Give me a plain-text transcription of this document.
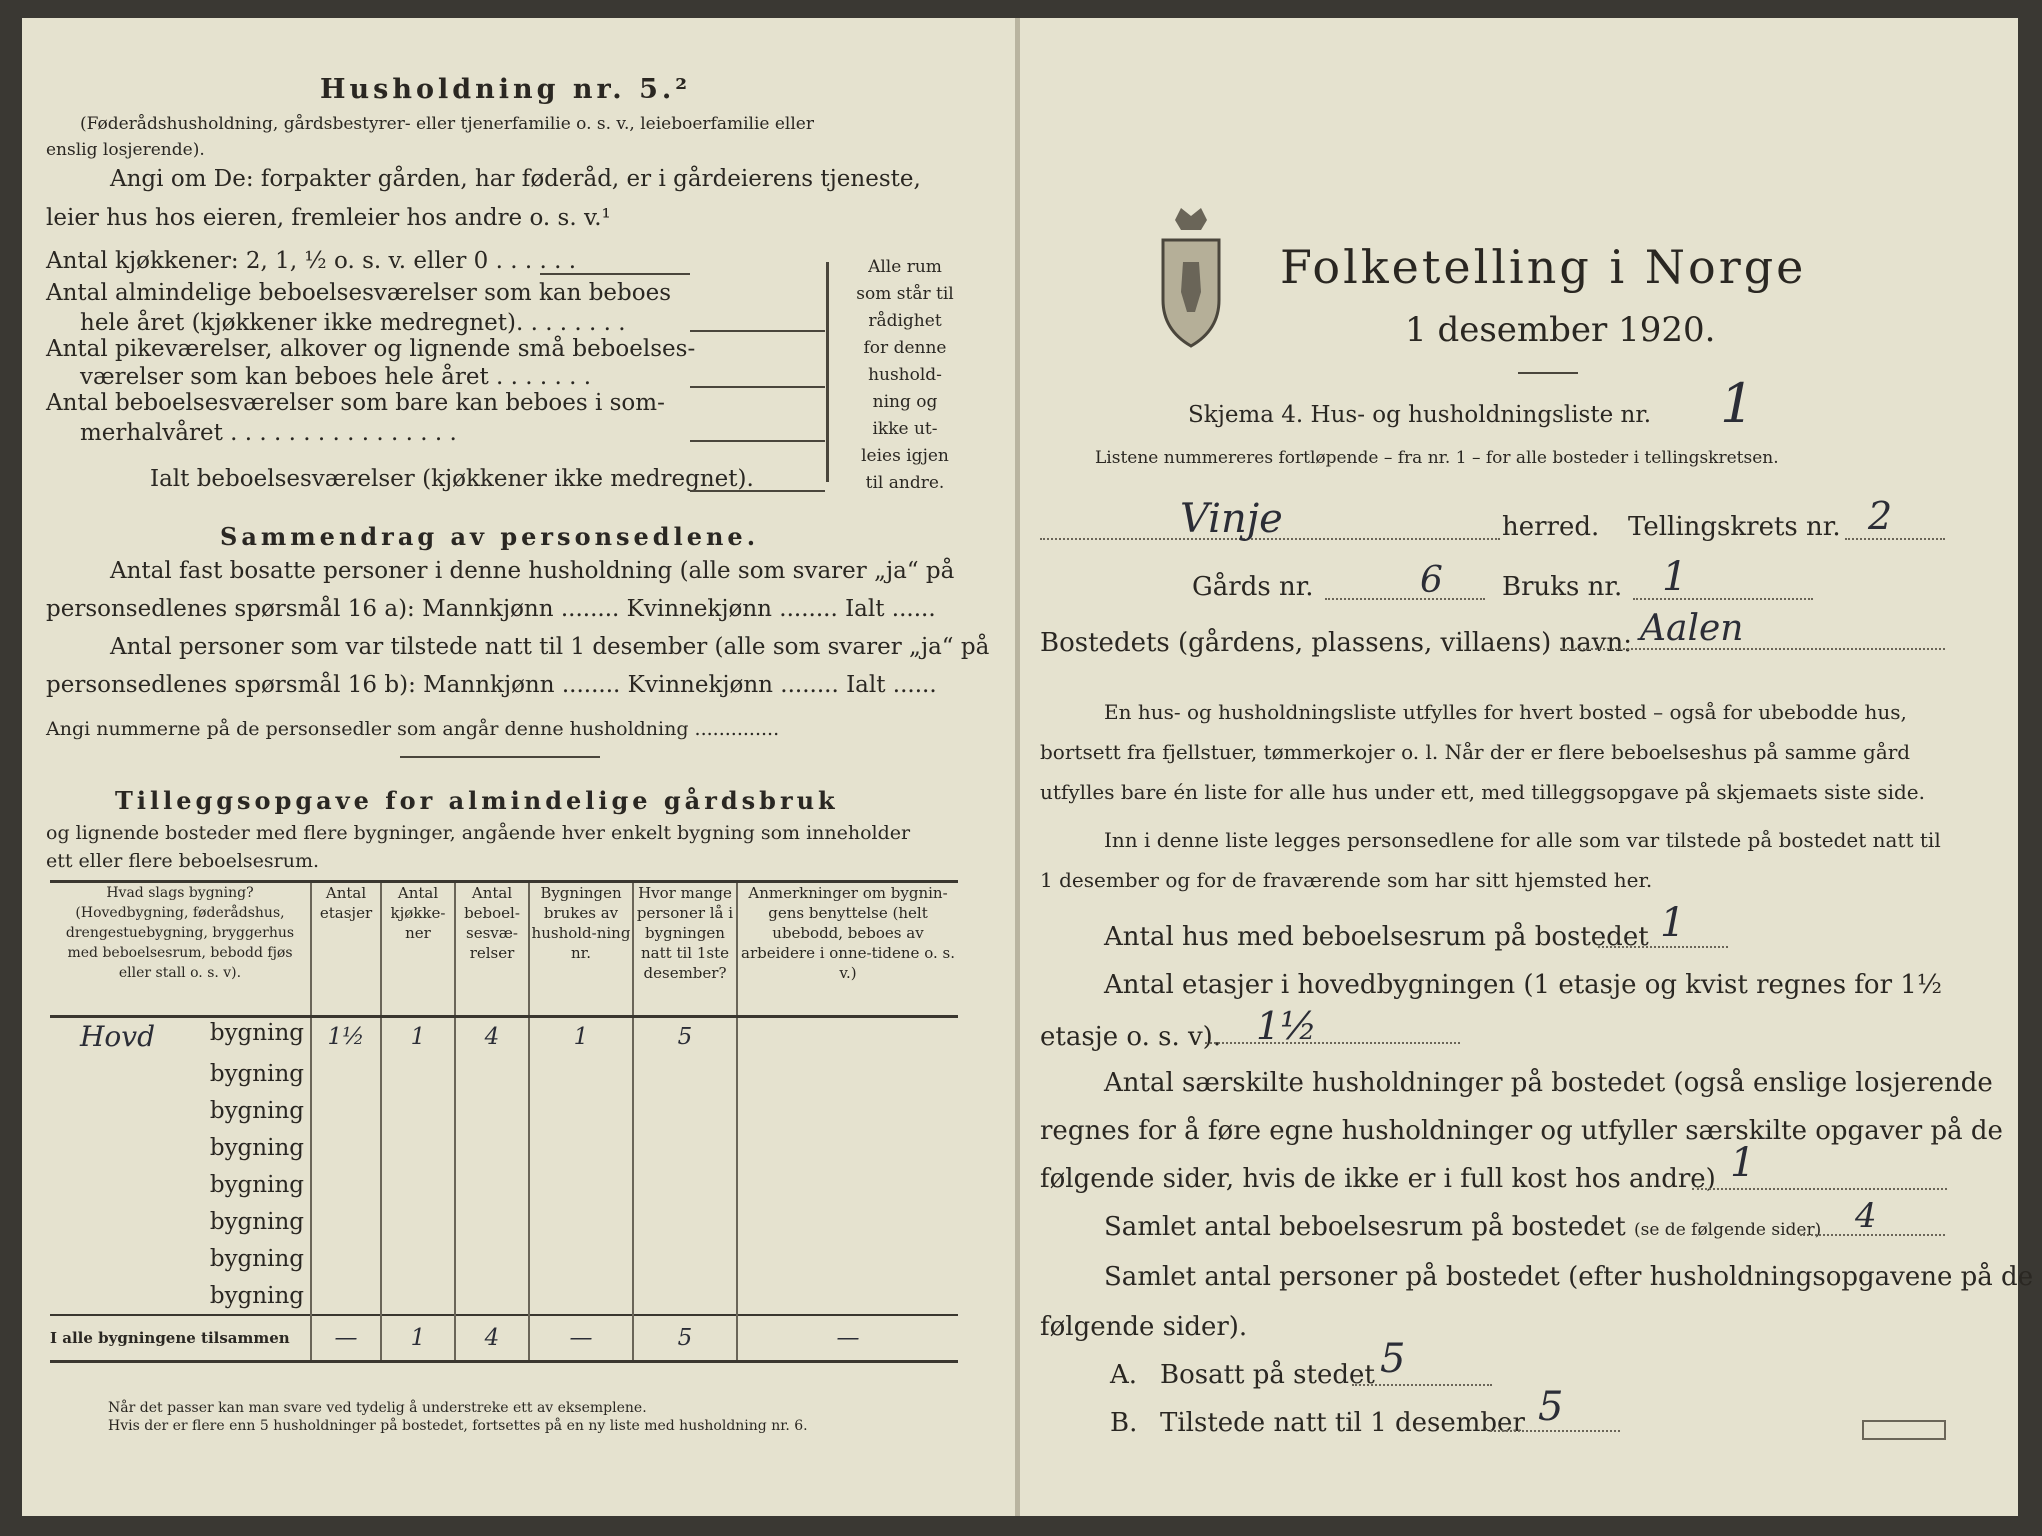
Husholdning nr. 5.²
(Føderådshusholdning, gårdsbestyrer- eller tjenerfamilie o. s. v., leieboerfamilie eller
enslig losjerende).
Angi om De: forpakter gården, har føderåd, er i gårdeierens tjeneste,
leier hus hos eieren, fremleier hos andre o. s. v.¹
Antal kjøkkener: 2, 1, ½ o. s. v. eller 0 . . . . . .
Antal almindelige beboelsesværelser som kan beboes
hele året (kjøkkener ikke medregnet). . . . . . . .
Antal pikeværelser, alkover og lignende små beboelses-
værelser som kan beboes hele året . . . . . . .
Antal beboelsesværelser som bare kan beboes i som-
merhalvåret . . . . . . . . . . . . . . . .
Ialt beboelsesværelser (kjøkkener ikke medregnet).
Alle rum
som står til
rådighet
for denne
hushold-
ning og
ikke ut-
leies igjen
til andre.
Sammendrag av personsedlene.
Antal fast bosatte personer i denne husholdning (alle som svarer „ja“ på
personsedlenes spørsmål 16 a): Mannkjønn ........ Kvinnekjønn ........ Ialt ......
Antal personer som var tilstede natt til 1 desember (alle som svarer „ja“ på
personsedlenes spørsmål 16 b): Mannkjønn ........ Kvinnekjønn ........ Ialt ......
Angi nummerne på de personsedler som angår denne husholdning ..............
Tilleggsopgave for almindelige gårdsbruk
og lignende bosteder med flere bygninger, angående hver enkelt bygning som inneholder
ett eller flere beboelsesrum.
Hvad slags bygning? (Hovedbygning, føderådshus, drengestuebygning, bryggerhus med beboelsesrum, bebodd fjøs eller stall o. s. v).	Antal etasjer	Antal kjøkke-ner	Antal beboel-sesvæ-relser	Bygningen brukes av hushold-ning nr.	Hvor mange personer lå i bygningen natt til 1ste desember?	Anmerkninger om bygnin-gens benyttelse (helt ubebodd, beboes av arbeidere i onne-tidene o. s. v.)

Hovd bygning	1½	1	4	1	5	
bygning						
bygning						
bygning						
bygning						
bygning						
bygning						
bygning						
I alle bygningene tilsammen	—	1	4	—	5	—
Når det passer kan man svare ved tydelig å understreke ett av eksemplene.
Hvis der er flere enn 5 husholdninger på bostedet, fortsettes på en ny liste med husholdning nr. 6.
Folketelling i Norge
1 desember 1920.
Skjema 4. Hus- og husholdningsliste nr. 1
Listene nummereres fortløpende – fra nr. 1 – for alle bosteder i tellingskretsen.
Vinje	herred. Tellingskrets nr. 2
Gårds nr.	6 Bruks nr. 1
Bostedets (gårdens, plassens, villaens) navn: Aalen
En hus- og husholdningsliste utfylles for hvert bosted – også for ubebodde hus,
bortsett fra fjellstuer, tømmerkojer o. l. Når der er flere beboelseshus på samme gård
utfylles bare én liste for alle hus under ett, med tilleggsopgave på skjemaets siste side.
Inn i denne liste legges personsedlene for alle som var tilstede på bostedet natt til
1 desember og for de fraværende som har sitt hjemsted her.
Antal hus med beboelsesrum på bostedet 1
Antal etasjer i hovedbygningen (1 etasje og kvist regnes for 1½
etasje o. s. v). 1½
Antal særskilte husholdninger på bostedet (også enslige losjerende
regnes for å føre egne husholdninger og utfyller særskilte opgaver på de
følgende sider, hvis de ikke er i full kost hos andre) 1
Samlet antal beboelsesrum på bostedet (se de følgende sider) 4
Samlet antal personer på bostedet (efter husholdningsopgavene på de
følgende sider).
A. Bosatt på stedet 5
B. Tilstede natt til 1 desember 5
